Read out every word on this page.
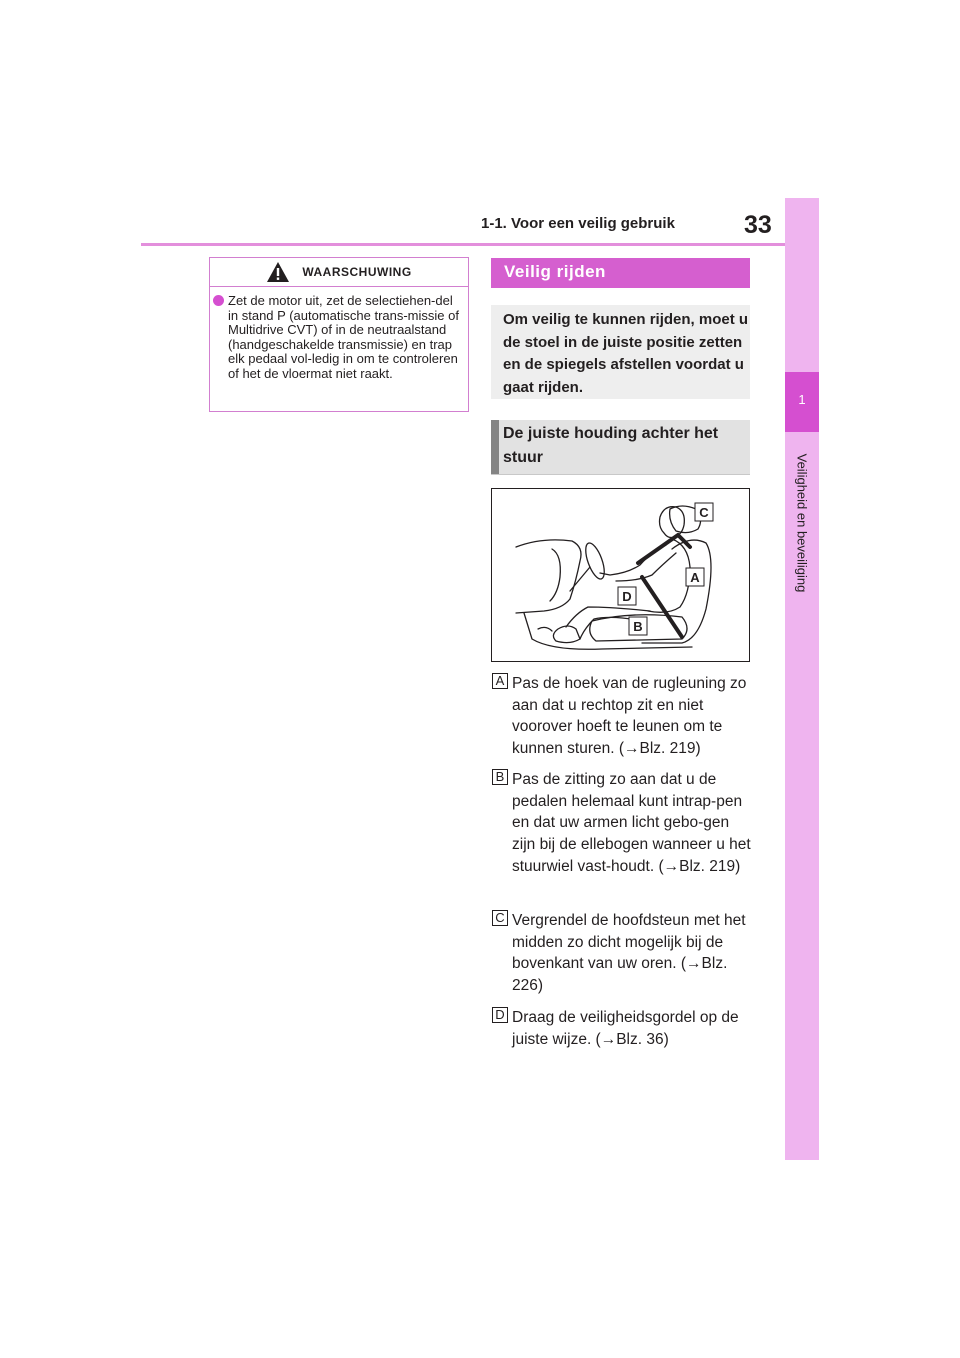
1-1. Voor een veilig gebruik	33
1
Veiligheid en beveiliging
WAARSCHUWING
Zet de motor uit, zet de selectiehen-del in stand P (automatische trans-missie of Multidrive CVT) of in de neutraalstand (handgeschakelde transmissie) en trap elk pedaal vol-ledig in om te controleren of het de vloermat niet raakt.
Veilig rijden

Om veilig te kunnen rijden, moet u de stoel in de juiste positie zetten en de spiegels afstellen voordat u gaat rijden.

De juiste houding achter het stuur

C
A
D
B
A Pas de hoek van de rugleuning zo aan dat u rechtop zit en niet voorover hoeft te leunen om te kunnen sturen. (→Blz. 219)
B Pas de zitting zo aan dat u de pedalen helemaal kunt intrap-pen en dat uw armen licht gebo-gen zijn bij de ellebogen wanneer u het stuurwiel vast-houdt. (→Blz. 219)
C Vergrendel de hoofdsteun met het midden zo dicht mogelijk bij de bovenkant van uw oren. (→Blz. 226)
D Draag de veiligheidsgordel op de juiste wijze. (→Blz. 36)
